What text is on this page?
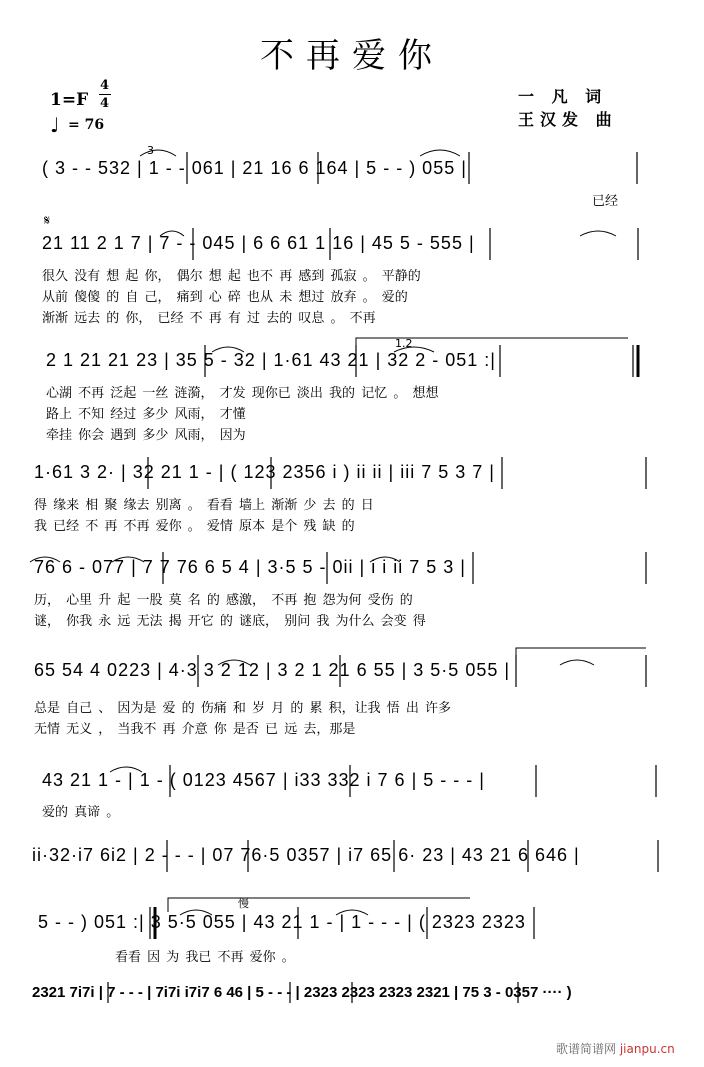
不再爱你
1=F
4
4
♩ = 76
一 凡 词
王汉发 曲
3
𝄋
1.2
慢
( 3 - - 532 | 1 - - 061 | 21 16 6 164 | 5 - - ) 055 |
已经
21 11 2 1 7 | 7 - - 045 | 6 6 61 1 16 | 45 5 - 555 |
很久 没有 想 起 你， 偶尔 想 起 也不 再 感到 孤寂 。 平静的
从前 傻傻 的 自 己， 痛到 心 碎 也从 未 想过 放弃 。 爱的
渐渐 远去 的 你， 已经 不 再 有 过 去的 叹息 。 不再
2 1 21 21 23 | 35 5 - 32 | 1·61 43 21 | 32 2 - 051 :|
心湖 不再 泛起 一丝 涟漪， 才发 现你已 淡出 我的 记忆 。 想想
路上 不知 经过 多少 风雨， 才懂
牵挂 你会 遇到 多少 风雨， 因为
1·61 3 2· | 32 21 1 - | ( 123 2356 i ) ii ii | iii 7 5 3 7 |
得 缘来 相 聚 缘去 别离 。 看看 墙上 渐渐 少 去 的 日
我 已经 不 再 不再 爱你 。 爱情 原本 是个 残 缺 的
76 6 - 077 | 7 7 76 6 5 4 | 3·5 5 - 0ii | i i ii 7 5 3 |
历， 心里 升 起 一股 莫 名 的 感激， 不再 抱 怨为何 受伤 的
谜， 你我 永 远 无法 揭 开它 的 谜底， 别问 我 为什么 会变 得
65 54 4 0223 | 4·3 3 2 12 | 3 2 1 21 6 55 | 3 5·5 055 |
总是 自己 、 因为是 爱 的 伤痛 和 岁 月 的 累 积，让我 悟 出 许多
无情 无义 ， 当我不 再 介意 你 是否 已 远 去，那是
43 21 1 - | 1 - ( 0123 4567 | i33 332 i 7 6 | 5 - - - |
爱的 真谛 。
ii·32·i7 6i2 | 2 - - - | 07 76·5 0357 | i7 65 6· 23 | 43 21 6 646 |
5 - - ) 051 :| 3 5·5 055 | 43 21 1 - | 1 - - - | ( 2323 2323
看看 因 为 我已 不再 爱你 。
2321 7i7i | 7 - - - | 7i7i i7i7 6 46 | 5 - - - | 2323 2323 2323 2321 | 75 3 - 0357 ···· )
歌谱简谱网 jianpu.cn
